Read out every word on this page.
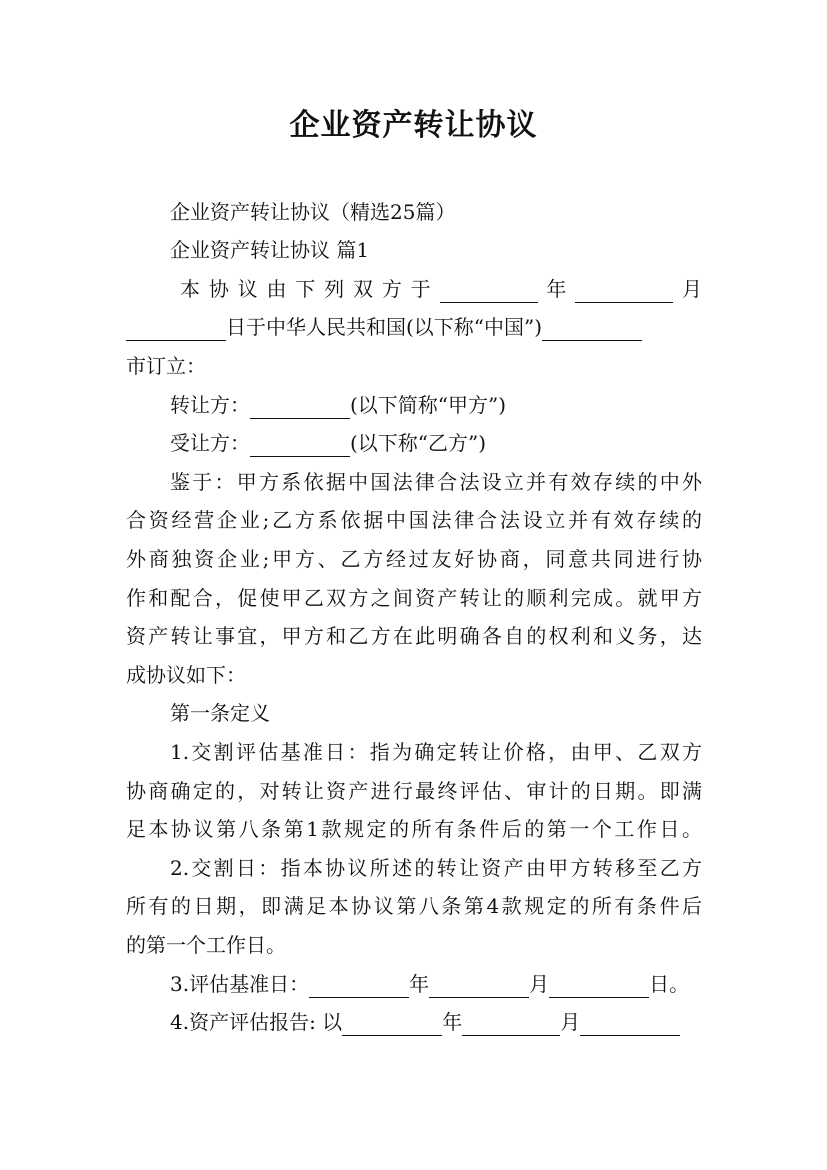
企业资产转让协议
企业资产转让协议（精选25篇）
企业资产转让协议 篇1
本协议由下列双方于	年	月
日于中华人民共和国(以下称“中国”)
市订立：
转让方：	(以下简称“甲方”)
受让方：	(以下称“乙方”)
鉴于：甲方系依据中国法律合法设立并有效存续的中外
合资经营企业;乙方系依据中国法律合法设立并有效存续的
外商独资企业;甲方、乙方经过友好协商，同意共同进行协
作和配合，促使甲乙双方之间资产转让的顺利完成。就甲方
资产转让事宜，甲方和乙方在此明确各自的权利和义务，达
成协议如下：
第一条定义
1.交割评估基准日：指为确定转让价格，由甲、乙双方
协商确定的，对转让资产进行最终评估、审计的日期。即满
足本协议第八条第1款规定的所有条件后的第一个工作日。
2.交割日：指本协议所述的转让资产由甲方转移至乙方
所有的日期，即满足本协议第八条第4款规定的所有条件后
的第一个工作日。
3.评估基准日：	年	月	日。
4.资产评估报告: 以	年	月
